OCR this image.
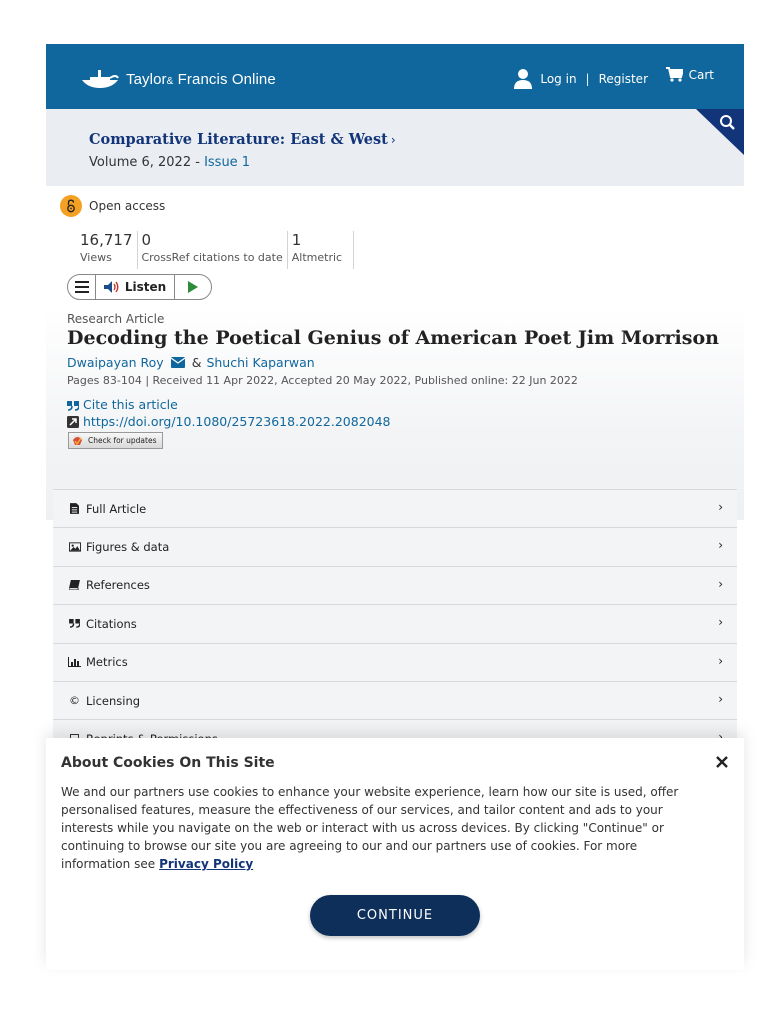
Taylor& Francis Online	Log in | Register	Cart
Comparative Literature: East & West ›
Volume 6, 2022 - Issue 1
Open access
16,717
Views
0
CrossRef citations to date
1
Altmetric
Listen
Research Article
Decoding the Poetical Genius of American Poet Jim Morrison
Dwaipayan Roy & Shuchi Kaparwan
Pages 83-104 | Received 11 Apr 2022, Accepted 20 May 2022, Published online: 22 Jun 2022
Cite this article
https://doi.org/10.1080/25723618.2022.2082048
Check for updates
Full Article	›
Figures & data	›
References	›
Citations	›
Metrics	›
© Licensing	›
About Cookies On This Site

We and our partners use cookies to enhance your website experience, learn how our site is used, offer personalised features, measure the effectiveness of our services, and tailor content and ads to your interests while you navigate on the web or interact with us across devices. By clicking "Continue" or continuing to browse our site you are agreeing to our and our partners use of cookies. For more information see Privacy Policy

CONTINUE
